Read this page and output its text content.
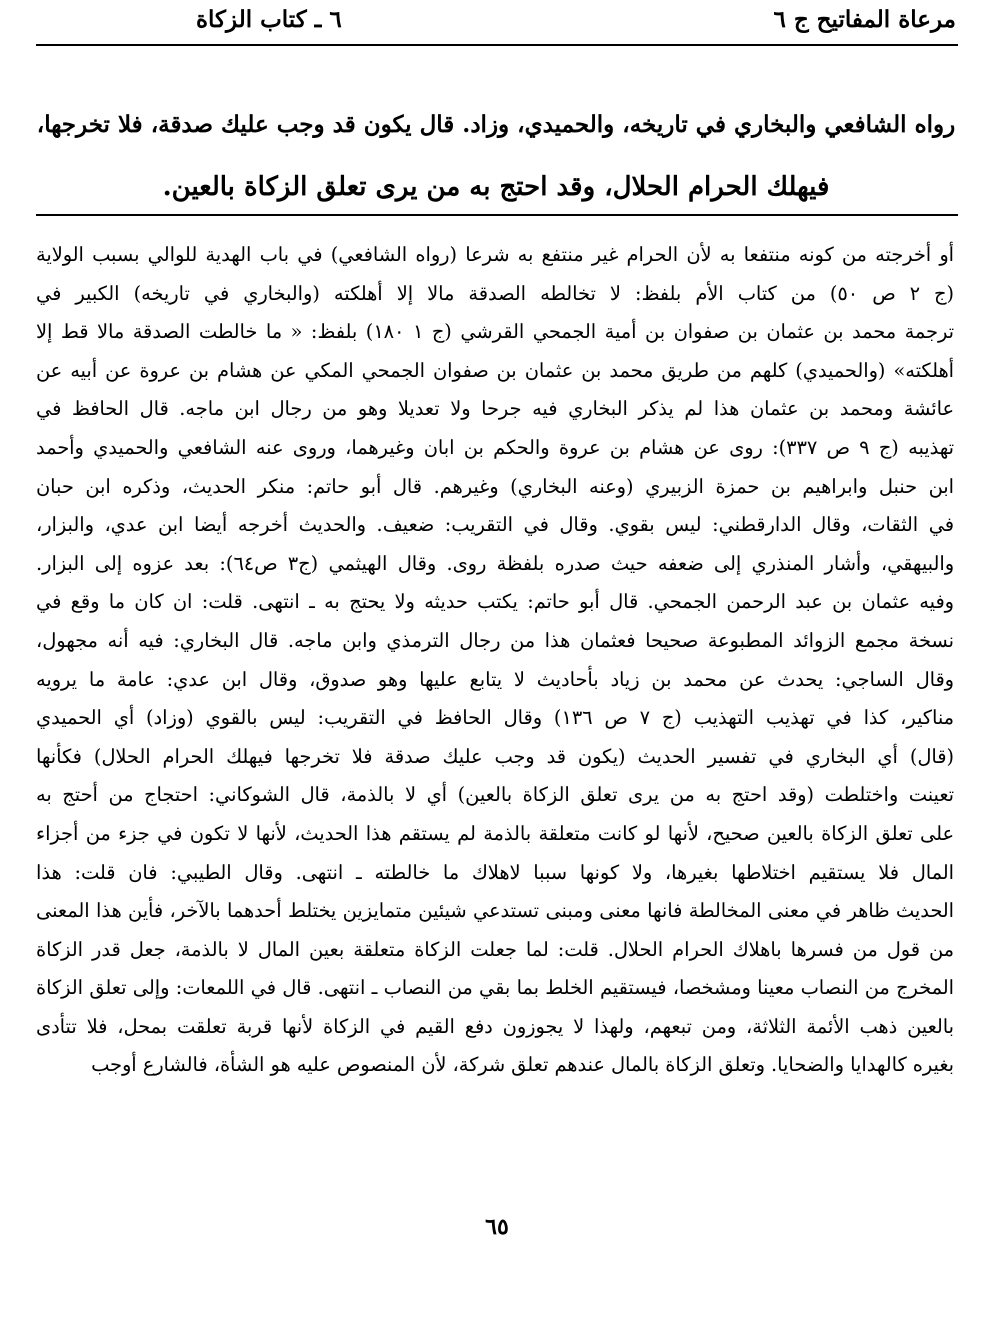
مرعاة المفاتيح ج ٦
٦ ـ كتاب الزكاة
رواه الشافعي والبخاري في تاريخه، والحميدي، وزاد. قال يكون قد وجب عليك صدقة، فلا تخرجها،
فيهلك الحرام الحلال، وقد احتج به من يرى تعلق الزكاة بالعين.
أو أخرجته من كونه منتفعا به لأن الحرام غير منتفع به شرعا (رواه الشافعي) في باب الهدية للوالي بسبب الولاية
(ج ٢ ص ٥٠) من كتاب الأم بلفظ: لا تخالطه الصدقة مالا إلا أهلكته (والبخاري في تاريخه) الكبير في
ترجمة محمد بن عثمان بن صفوان بن أمية الجمحي القرشي (ج ١ ١٨٠) بلفظ: « ما خالطت الصدقة مالا قط إلا
أهلكته» (والحميدي) كلهم من طريق محمد بن عثمان بن صفوان الجمحي المكي عن هشام بن عروة عن أبيه عن
عائشة ومحمد بن عثمان هذا لم يذكر البخاري فيه جرحا ولا تعديلا وهو من رجال ابن ماجه. قال الحافظ في
تهذيبه (ج ٩ ص ٣٣٧): روى عن هشام بن عروة والحكم بن ابان وغيرهما، وروى عنه الشافعي والحميدي وأحمد
ابن حنبل وابراهيم بن حمزة الزبيري (وعنه البخاري) وغيرهم. قال أبو حاتم: منكر الحديث، وذكره ابن حبان
في الثقات، وقال الدارقطني: ليس بقوي. وقال في التقريب: ضعيف. والحديث أخرجه أيضا ابن عدي، والبزار،
والبيهقي، وأشار المنذري إلى ضعفه حيث صدره بلفظة روى. وقال الهيثمي (ج٣ ص٦٤): بعد عزوه إلى البزار.
وفيه عثمان بن عبد الرحمن الجمحي. قال أبو حاتم: يكتب حديثه ولا يحتج به ـ انتهى. قلت: ان كان ما وقع في
نسخة مجمع الزوائد المطبوعة صحيحا فعثمان هذا من رجال الترمذي وابن ماجه. قال البخاري: فيه أنه مجهول،
وقال الساجي: يحدث عن محمد بن زياد بأحاديث لا يتابع عليها وهو صدوق، وقال ابن عدي: عامة ما يرويه
مناكير، كذا في تهذيب التهذيب (ج ٧ ص ١٣٦) وقال الحافظ في التقريب: ليس بالقوي (وزاد) أي الحميدي
(قال) أي البخاري في تفسير الحديث (يكون قد وجب عليك صدقة فلا تخرجها فيهلك الحرام الحلال) فكأنها
تعينت واختلطت (وقد احتج به من يرى تعلق الزكاة بالعين) أي لا بالذمة، قال الشوكاني: احتجاج من أحتج به
على تعلق الزكاة بالعين صحيح، لأنها لو كانت متعلقة بالذمة لم يستقم هذا الحديث، لأنها لا تكون في جزء من أجزاء
المال فلا يستقيم اختلاطها بغيرها، ولا كونها سببا لاهلاك ما خالطته ـ انتهى. وقال الطيبي: فان قلت: هذا
الحديث ظاهر في معنى المخالطة فانها معنى ومبنى تستدعي شيئين متمايزين يختلط أحدهما بالآخر، فأين هذا المعنى
من قول من فسرها باهلاك الحرام الحلال. قلت: لما جعلت الزكاة متعلقة بعين المال لا بالذمة، جعل قدر الزكاة
المخرج من النصاب معينا ومشخصا، فيستقيم الخلط بما بقي من النصاب ـ انتهى. قال في اللمعات: وإلى تعلق الزكاة
بالعين ذهب الأئمة الثلاثة، ومن تبعهم، ولهذا لا يجوزون دفع القيم في الزكاة لأنها قربة تعلقت بمحل، فلا تتأدى
بغيره كالهدايا والضحايا. وتعلق الزكاة بالمال عندهم تعلق شركة، لأن المنصوص عليه هو الشأة، فالشارع أوجب
٦٥
